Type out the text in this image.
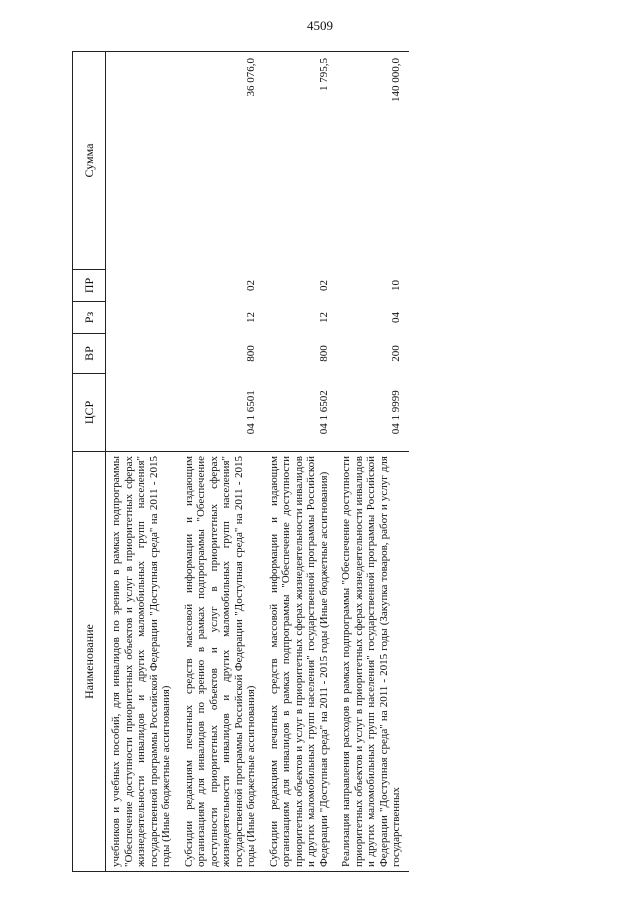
4509
Наименование	ЦСР	ВР	Рз	ПР	Сумма
учебников и учебных пособий, для инвалидов по зрению в рамках подпрограммы "Обеспечение доступности приоритетных объектов и услуг в приоритетных сферах жизнедеятельности инвалидов и других маломобильных групп населения" государственной программы Российской Федерации "Доступная среда" на 2011 - 2015 годы (Иные бюджетные ассигнования)					
Субсидии редакциям печатных средств массовой информации и издающим организациям для инвалидов по зрению в рамках подпрограммы "Обеспечение доступности приоритетных объектов и услуг в приоритетных сферах жизнедеятельности инвалидов и других маломобильных групп населения" государственной программы Российской Федерации "Доступная среда" на 2011 - 2015 годы (Иные бюджетные ассигнования)	04 1 6501	800	12	02	36 076,0
Субсидии редакциям печатных средств массовой информации и издающим организациям для инвалидов в рамках подпрограммы "Обеспечение доступности приоритетных объектов и услуг в приоритетных сферах жизнедеятельности инвалидов и других маломобильных групп населения" государственной программы Российской Федерации "Доступная среда" на 2011 - 2015 годы (Иные бюджетные ассигнования)	04 1 6502	800	12	02	1 795,5
Реализация направления расходов в рамках подпрограммы "Обеспечение доступности приоритетных объектов и услуг в приоритетных сферах жизнедеятельности инвалидов и других маломобильных групп населения" государственной программы Российской Федерации "Доступная среда" на 2011 - 2015 годы (Закупка товаров, работ и услуг для государственных	04 1 9999	200	04	10	140 000,0
